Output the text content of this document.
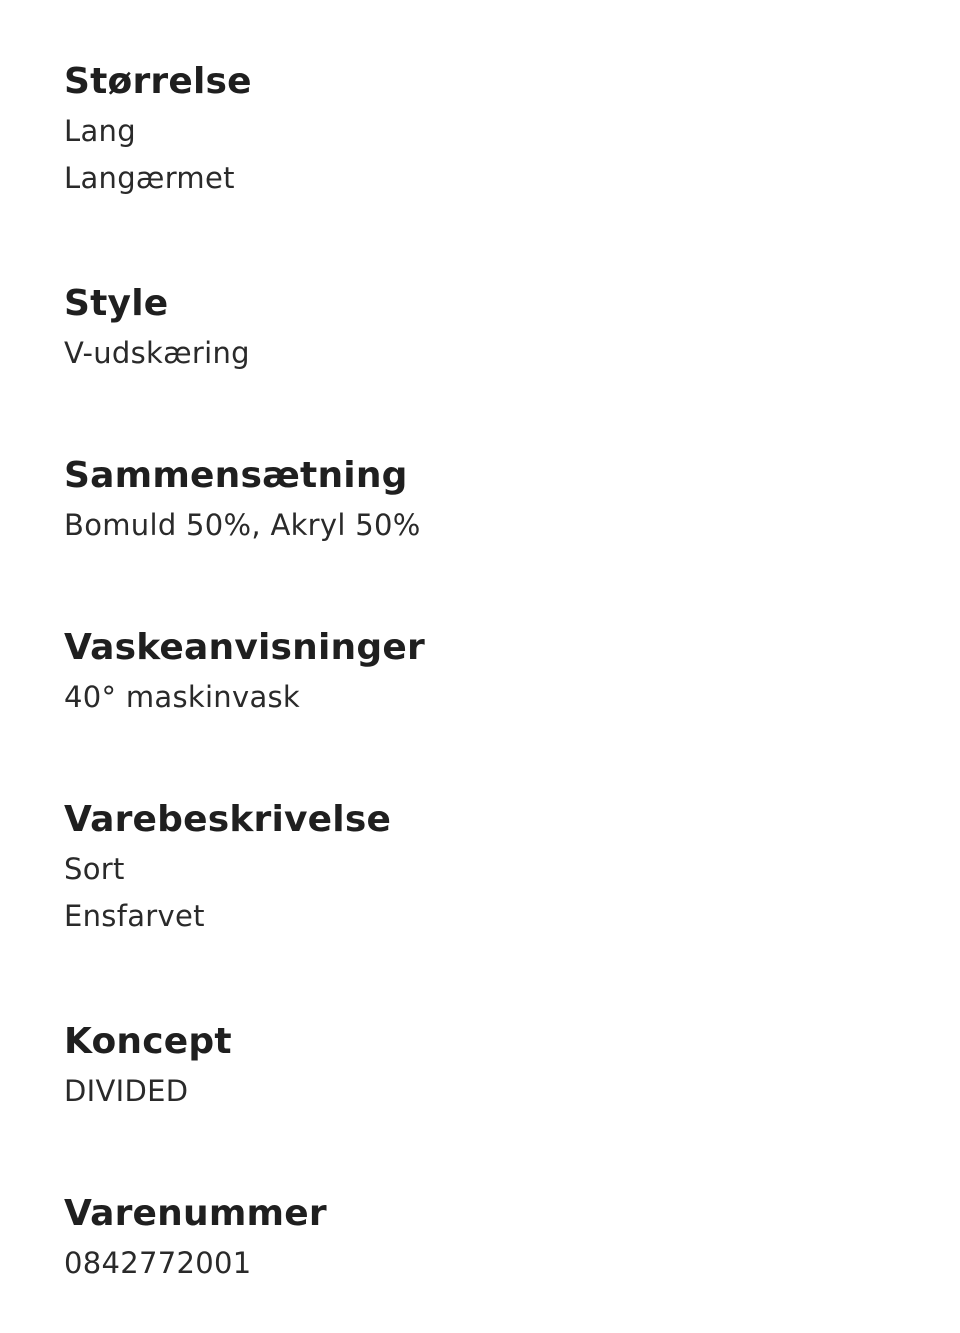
Størrelse

Lang

Langærmet

Style

V-udskæring

Sammensætning

Bomuld 50%, Akryl 50%

Vaskeanvisninger

40° maskinvask

Varebeskrivelse

Sort

Ensfarvet

Koncept

DIVIDED

Varenummer

0842772001
